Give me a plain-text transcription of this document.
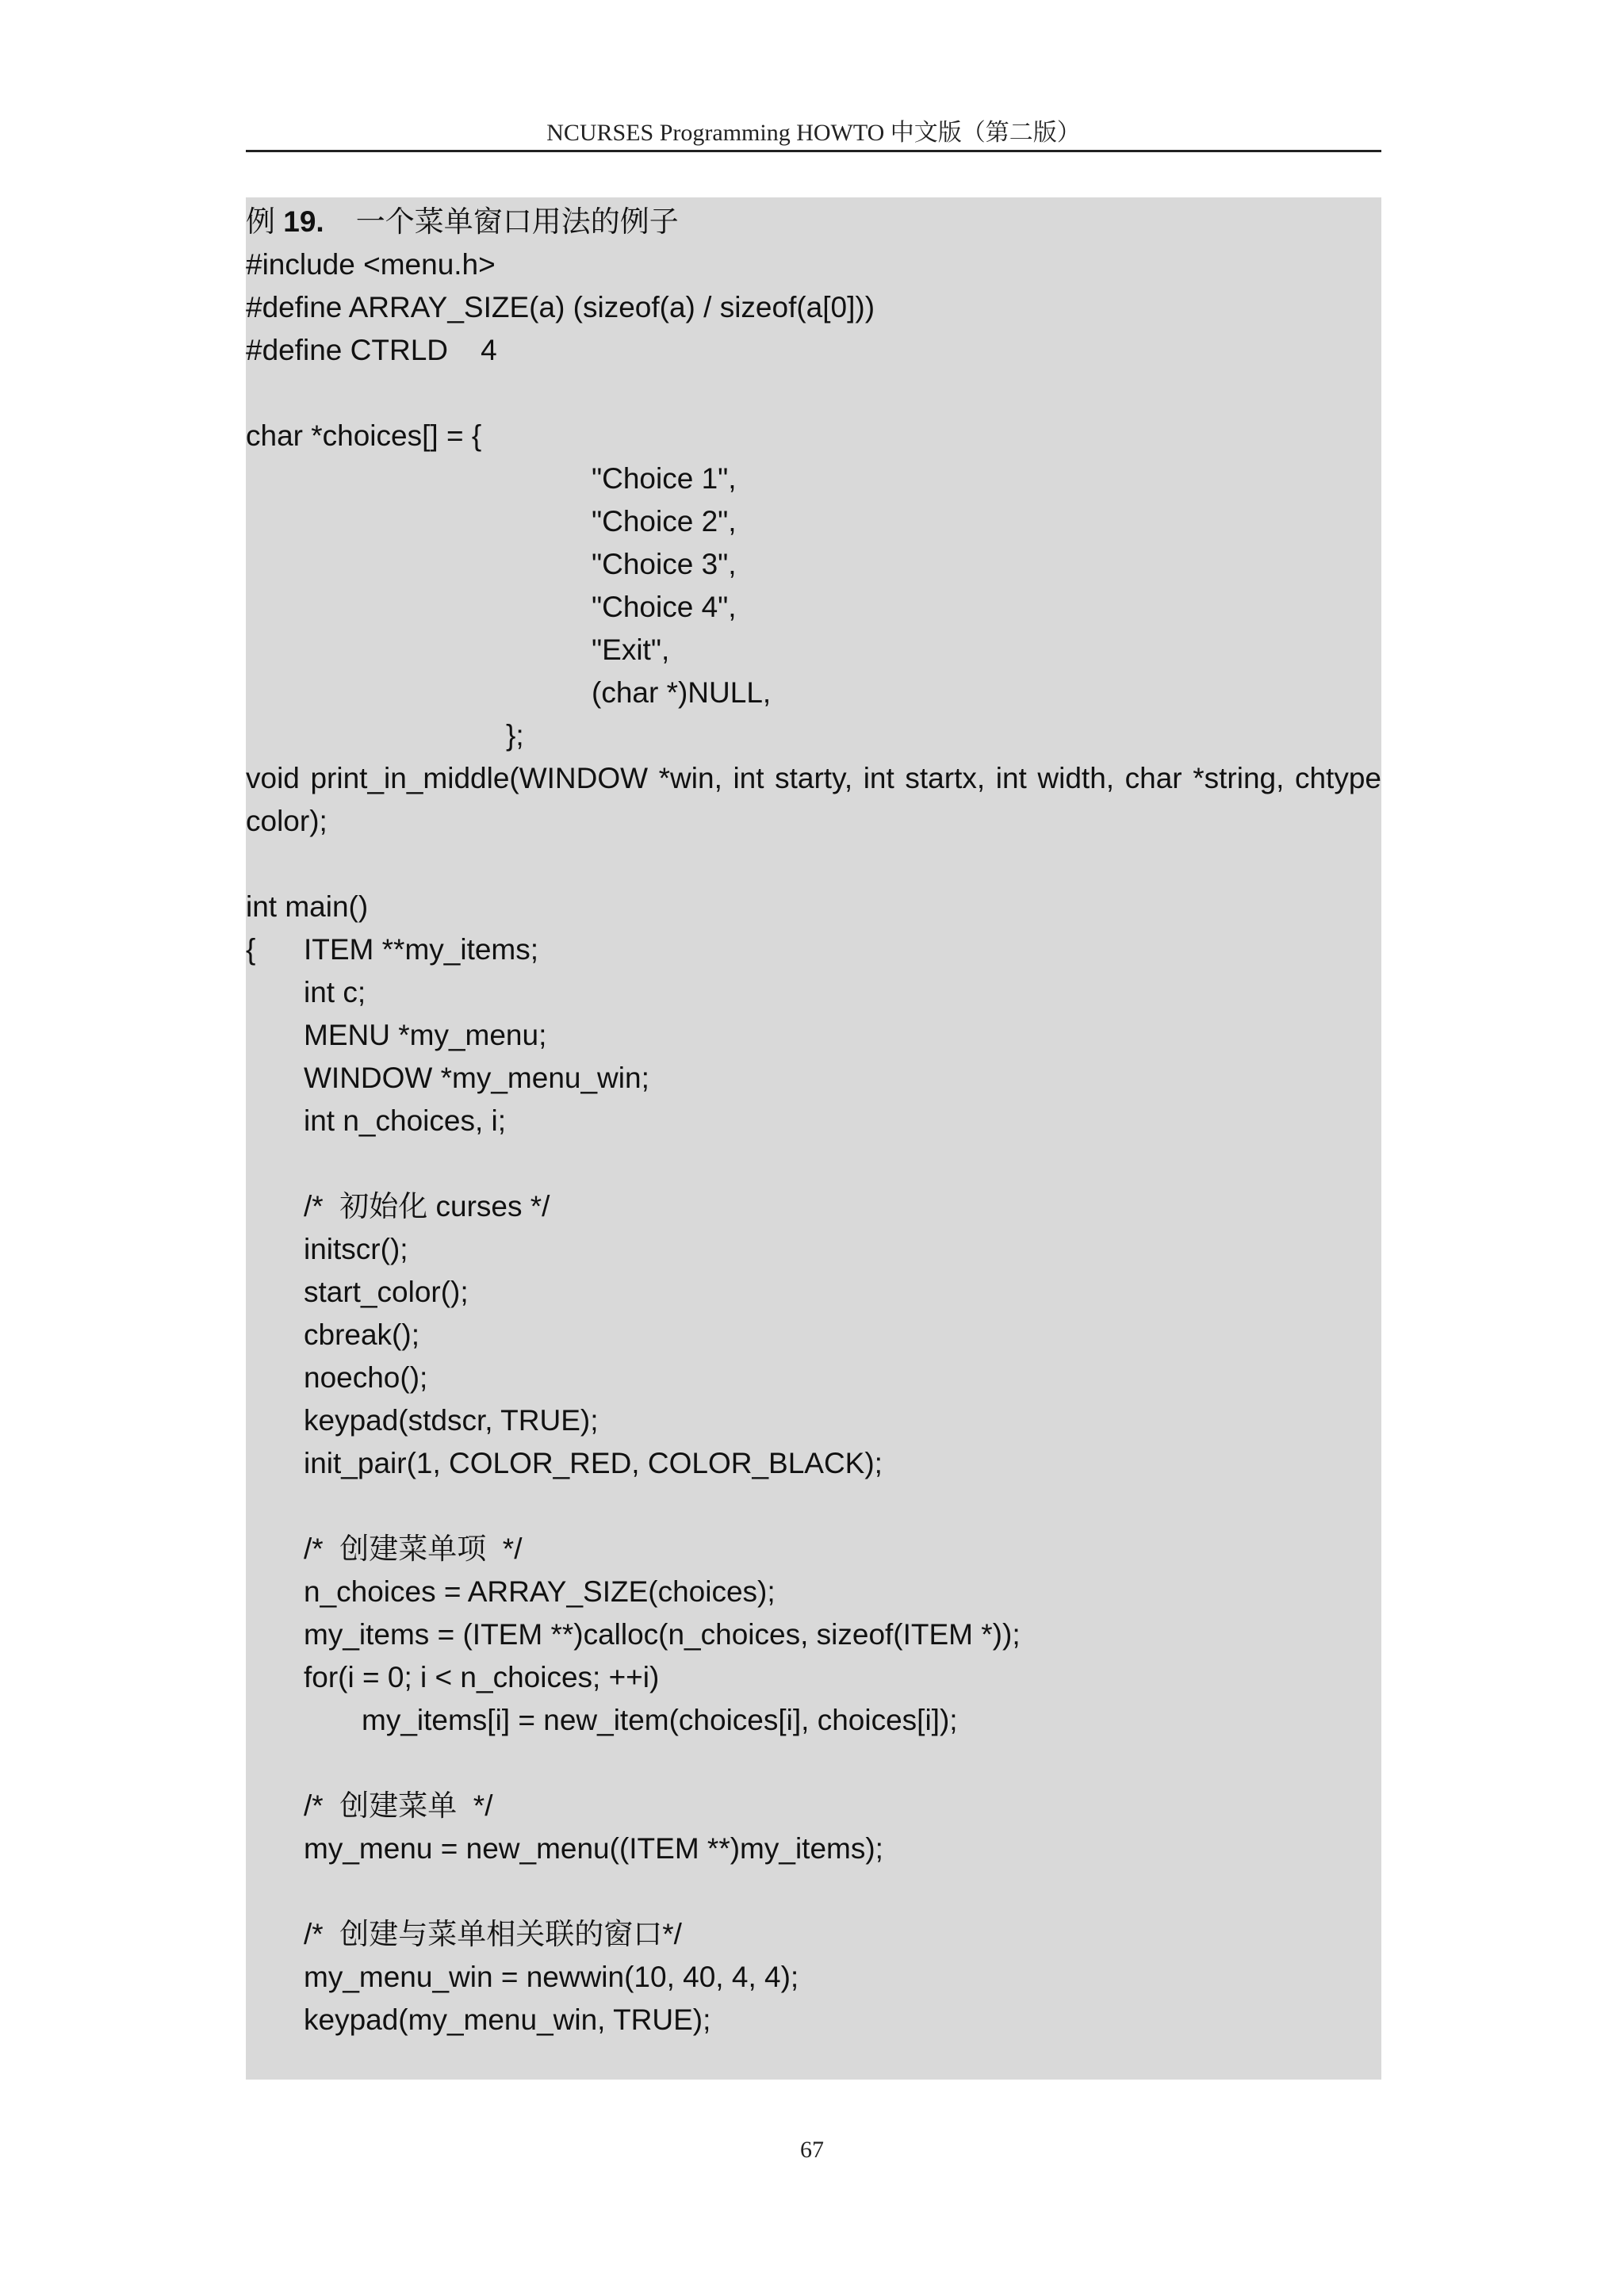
NCURSES Programming HOWTO 中文版（第二版）
例 19. 一个菜单窗口用法的例子
#include <menu.h>
#define ARRAY_SIZE(a) (sizeof(a) / sizeof(a[0]))
#define CTRLD    4
char *choices[] = {
"Choice 1",
"Choice 2",
"Choice 3",
"Choice 4",
"Exit",
(char *)NULL,
};
void print_in_middle(WINDOW *win, int starty, int startx, int width, char *string, chtype
color);
int main()
{ ITEM **my_items;
int c;
MENU *my_menu;
WINDOW *my_menu_win;
int n_choices, i;
/*  初始化 curses */
initscr();
start_color();
cbreak();
noecho();
keypad(stdscr, TRUE);
init_pair(1, COLOR_RED, COLOR_BLACK);
/*  创建菜单项  */
n_choices = ARRAY_SIZE(choices);
my_items = (ITEM **)calloc(n_choices, sizeof(ITEM *));
for(i = 0; i < n_choices; ++i)
my_items[i] = new_item(choices[i], choices[i]);
/*  创建菜单  */
my_menu = new_menu((ITEM **)my_items);
/*  创建与菜单相关联的窗口*/
my_menu_win = newwin(10, 40, 4, 4);
keypad(my_menu_win, TRUE);
67
